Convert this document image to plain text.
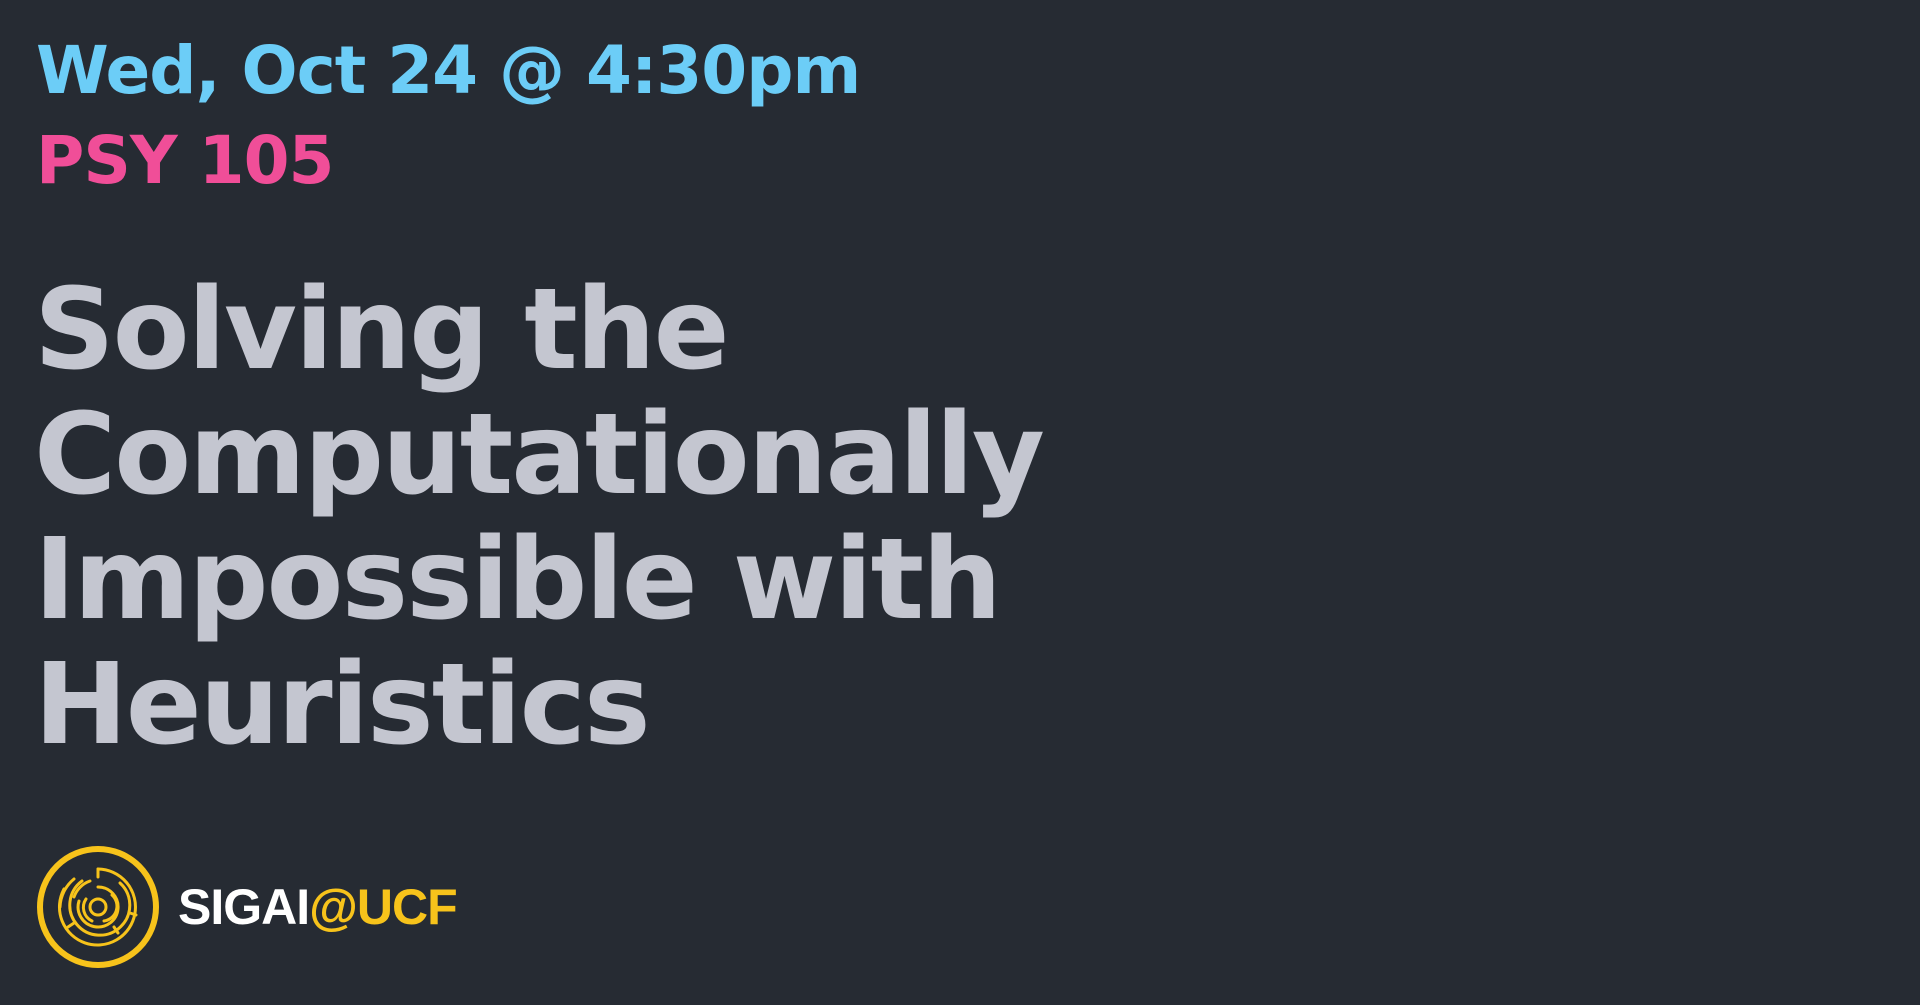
Wed, Oct 24 @ 4:30pm
PSY 105
Solving the
Computationally
Impossible with
Heuristics
SIGAI@UCF
